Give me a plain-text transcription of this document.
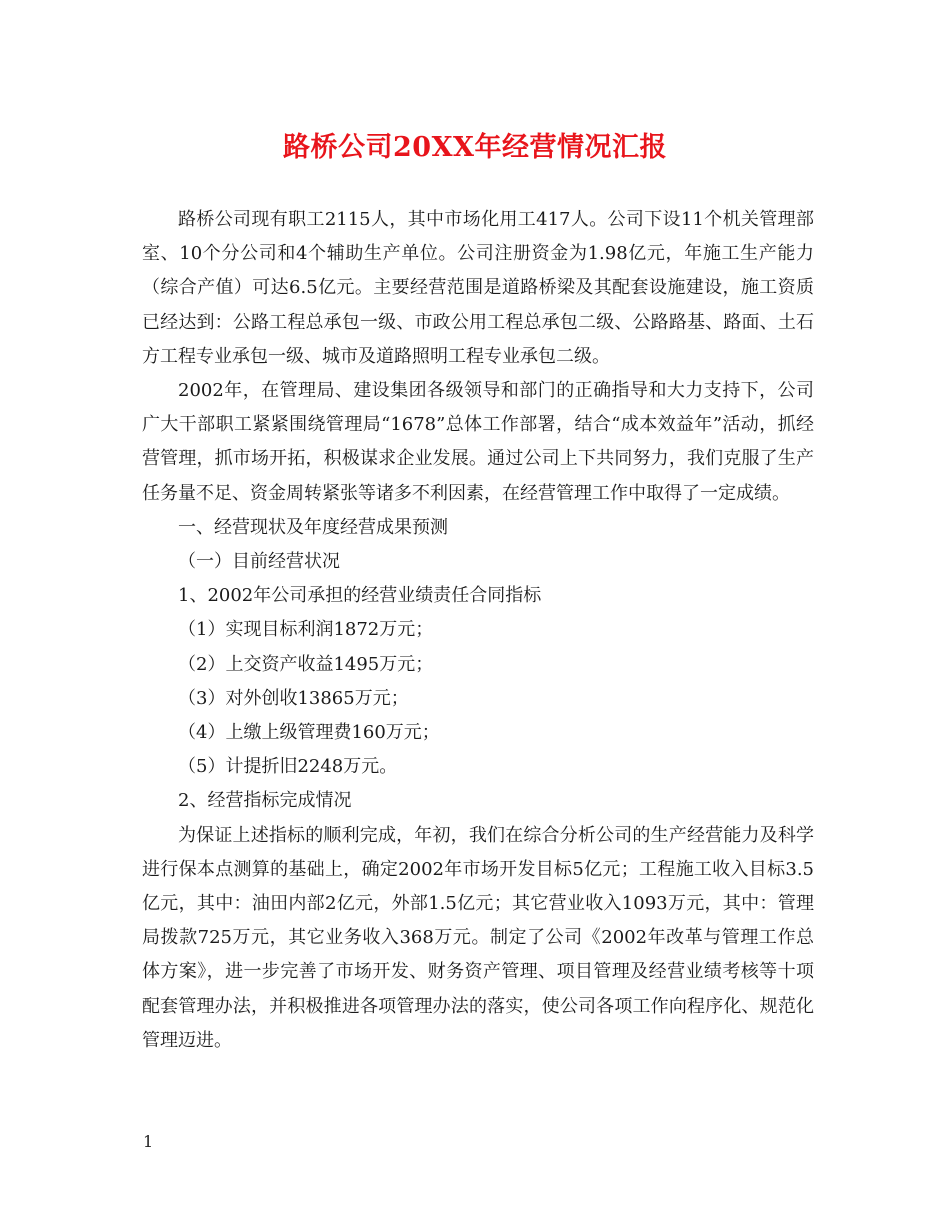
路桥公司20XX年经营情况汇报

路桥公司现有职工2115人，其中市场化用工417人。公司下设11个机关管理部室、10个分公司和4个辅助生产单位。公司注册资金为1.98亿元，年施工生产能力（综合产值）可达6.5亿元。主要经营范围是道路桥梁及其配套设施建设，施工资质已经达到：公路工程总承包一级、市政公用工程总承包二级、公路路基、路面、土石方工程专业承包一级、城市及道路照明工程专业承包二级。

2002年，在管理局、建设集团各级领导和部门的正确指导和大力支持下，公司广大干部职工紧紧围绕管理局“1678”总体工作部署，结合“成本效益年”活动，抓经营管理，抓市场开拓，积极谋求企业发展。通过公司上下共同努力，我们克服了生产任务量不足、资金周转紧张等诸多不利因素，在经营管理工作中取得了一定成绩。

一、经营现状及年度经营成果预测

（一）目前经营状况

1、2002年公司承担的经营业绩责任合同指标

（1）实现目标利润1872万元；

（2）上交资产收益1495万元；

（3）对外创收13865万元；

（4）上缴上级管理费160万元；

（5）计提折旧2248万元。

2、经营指标完成情况

为保证上述指标的顺利完成，年初，我们在综合分析公司的生产经营能力及科学进行保本点测算的基础上，确定2002年市场开发目标5亿元；工程施工收入目标3.5亿元，其中：油田内部2亿元，外部1.5亿元；其它营业收入1093万元，其中：管理局拨款725万元，其它业务收入368万元。制定了公司《2002年改革与管理工作总体方案》，进一步完善了市场开发、财务资产管理、项目管理及经营业绩考核等十项配套管理办法，并积极推进各项管理办法的落实，使公司各项工作向程序化、规范化管理迈进。

1
